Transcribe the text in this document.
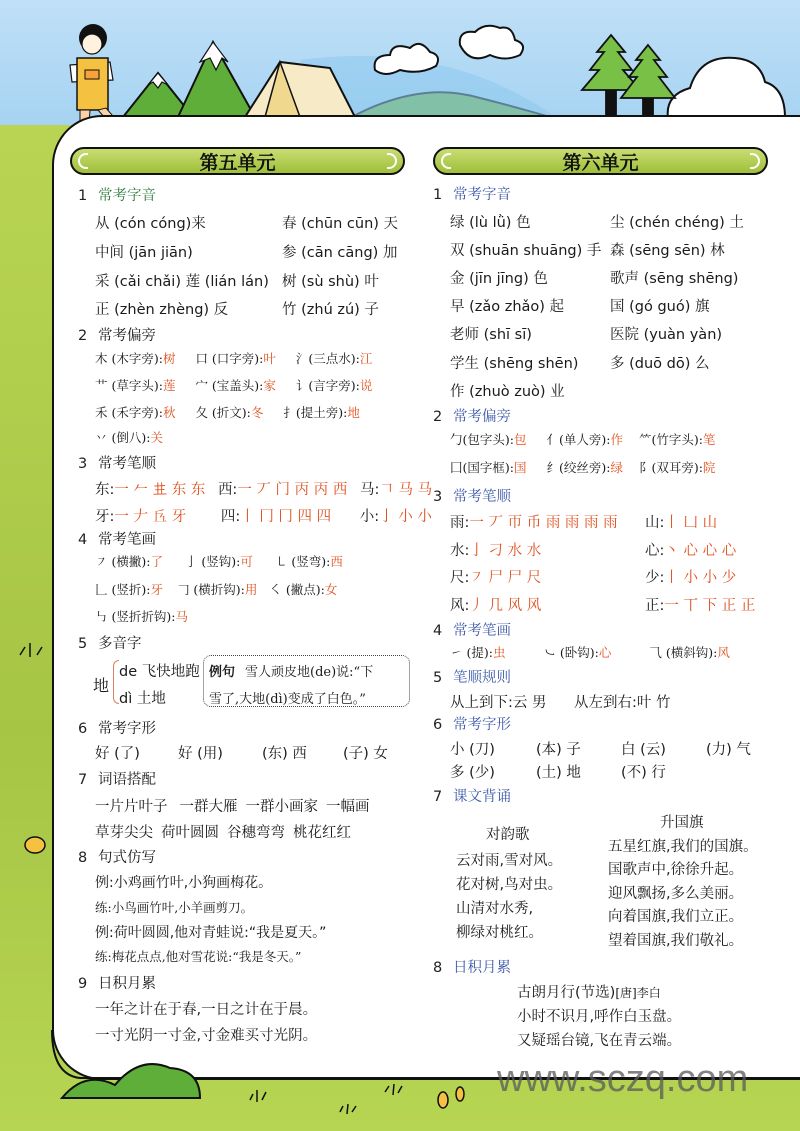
第五单元	第六单元
1 常考字音
从 (cón cóng)来	春 (chūn cūn) 天
中间 (jān jiān)	参 (cān cāng) 加
采 (cǎi chǎi) 莲 (lián lán) 树 (sù shù) 叶
正 (zhèn zhèng) 反	竹 (zhú zú) 子
2 常考偏旁
木 (木字旁):树 口 (口字旁):叶 氵(三点水):江
艹 (草字头):莲 宀 (宝盖头):家 讠(言字旁):说
禾 (禾字旁):秋 夂 (折文):冬 扌(提土旁):地
丷 (倒八):关
3 常考笔顺
东:一 𠂉 𠀎 东 东 西:一 丆 门 丙 丙 西 马:𠃍 马 马
牙:一 𠂇 𠀈 牙 四:丨 冂 冂 四 四 小:亅 小 小
4 常考笔画
㇇ (横撇):了 亅 (竖钩):可 ㇄ (竖弯):西
𠃊 (竖折):牙 𠃌 (横折钩):用 ㇛ (撇点):女
㇉ (竖折折钩):马
5 多音字
地
de 飞快地跑
dì 土地
例句 雪人顽皮地(de)说:“下
雪了,大地(dì)变成了白色。”
6 常考字形
好 (了)	好 (用)	(东) 西 (子) 女
7 词语搭配
一片片叶子 一群大雁 一群小画家 一幅画
草芽尖尖 荷叶圆圆 谷穗弯弯 桃花红红
8 句式仿写
例:小鸡画竹叶,小狗画梅花。
练:小鸟画竹叶,小羊画剪刀。
例:荷叶圆圆,他对青蛙说:“我是夏天。”
练:梅花点点,他对雪花说:“我是冬天。”
9 日积月累
一年之计在于春,一日之计在于晨。
一寸光阴一寸金,寸金难买寸光阴。
1 常考字音
绿 (lù lǜ) 色	尘 (chén chéng) 土
双 (shuān shuāng) 手 森 (sēng sēn) 林
金 (jīn jīng) 色	歌声 (sēng shēng)
早 (zǎo zhǎo) 起	国 (gó guó) 旗
老师 (shī sī)	医院 (yuàn yàn)
学生 (shēng shēn) 多 (duō dō) 么
作 (zhuò zuò) 业
2 常考偏旁
勹(包字头):包 亻(单人旁):作 ⺮(竹字头):笔
囗(国字框):国 纟(绞丝旁):绿 阝(双耳旁):院
3 常考笔顺
雨:一 丆 帀 币 雨 雨 雨 雨 山:丨 凵 山
水:亅 刁 水 水	心:丶 心 心 心
尺:㇇ 尸 尸 尺	少:丨 小 小 少
风:丿 几 风 风	正:一 丅 下 正 正
4 常考笔画
㇀ (提):虫	㇃ (卧钩):心	⺄ (横斜钩):风
5 笔顺规则
从上到下:云 男 从左到右:叶 竹
6 常考字形
小 (刀)	(本) 子	白 (云)	(力) 气
多 (少)	(土) 地	(不) 行
7 课文背诵
对韵歌
云对雨,雪对风。
花对树,鸟对虫。
山清对水秀,
柳绿对桃红。
升国旗
五星红旗,我们的国旗。
国歌声中,徐徐升起。
迎风飘扬,多么美丽。
向着国旗,我们立正。
望着国旗,我们敬礼。
8 日积月累
古朗月行(节选)[唐]李白
小时不识月,呼作白玉盘。
又疑瑶台镜,飞在青云端。
www.sczq.com
